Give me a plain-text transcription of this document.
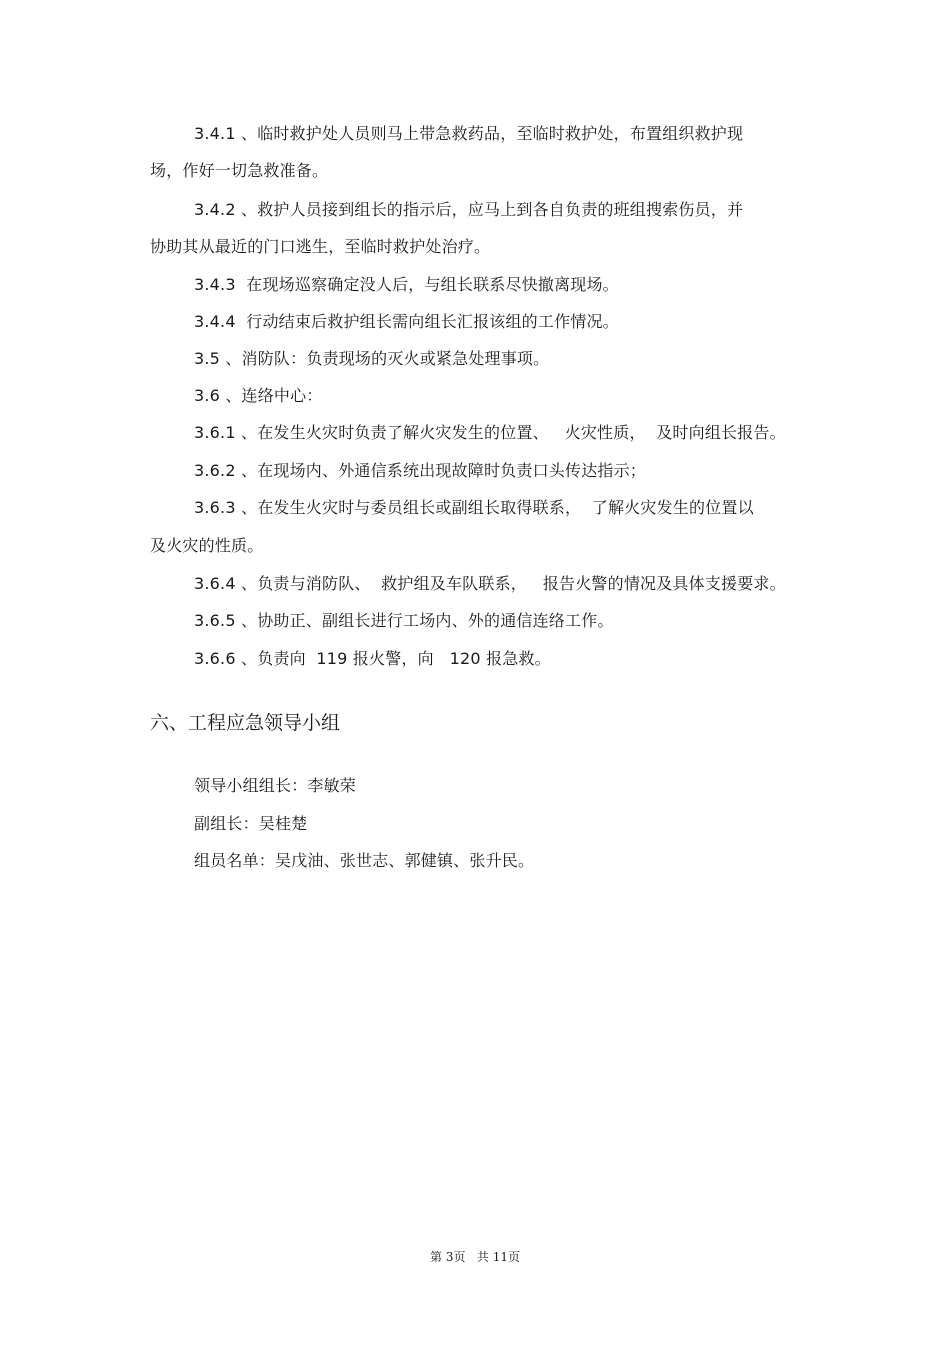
3.4.1 、临时救护处人员则马上带急救药品，至临时救护处，布置组织救护现
场，作好一切急救准备。
3.4.2 、救护人员接到组长的指示后，应马上到各自负责的班组搜索伤员，并
协助其从最近的门口逃生，至临时救护处治疗。
3.4.3  在现场巡察确定没人后，与组长联系尽快撤离现场。
3.4.4  行动结束后救护组长需向组长汇报该组的工作情况。
3.5 、消防队：负责现场的灭火或紧急处理事项。
3.6 、连络中心：
3.6.1 、在发生火灾时负责了解火灾发生的位置、   火灾性质，  及时向组长报告。
3.6.2 、在现场内、外通信系统出现故障时负责口头传达指示；
3.6.3 、在发生火灾时与委员组长或副组长取得联系，  了解火灾发生的位置以
及火灾的性质。
3.6.4 、负责与消防队、  救护组及车队联系，   报告火警的情况及具体支援要求。
3.6.5 、协助正、副组长进行工场内、外的通信连络工作。
3.6.6 、负责向  119 报火警，向   120 报急救。
六、工程应急领导小组
领导小组组长：李敏荣
副组长：吴桂楚
组员名单：吴戊油、张世志、郭健镇、张升民。
第 3页   共 11页
